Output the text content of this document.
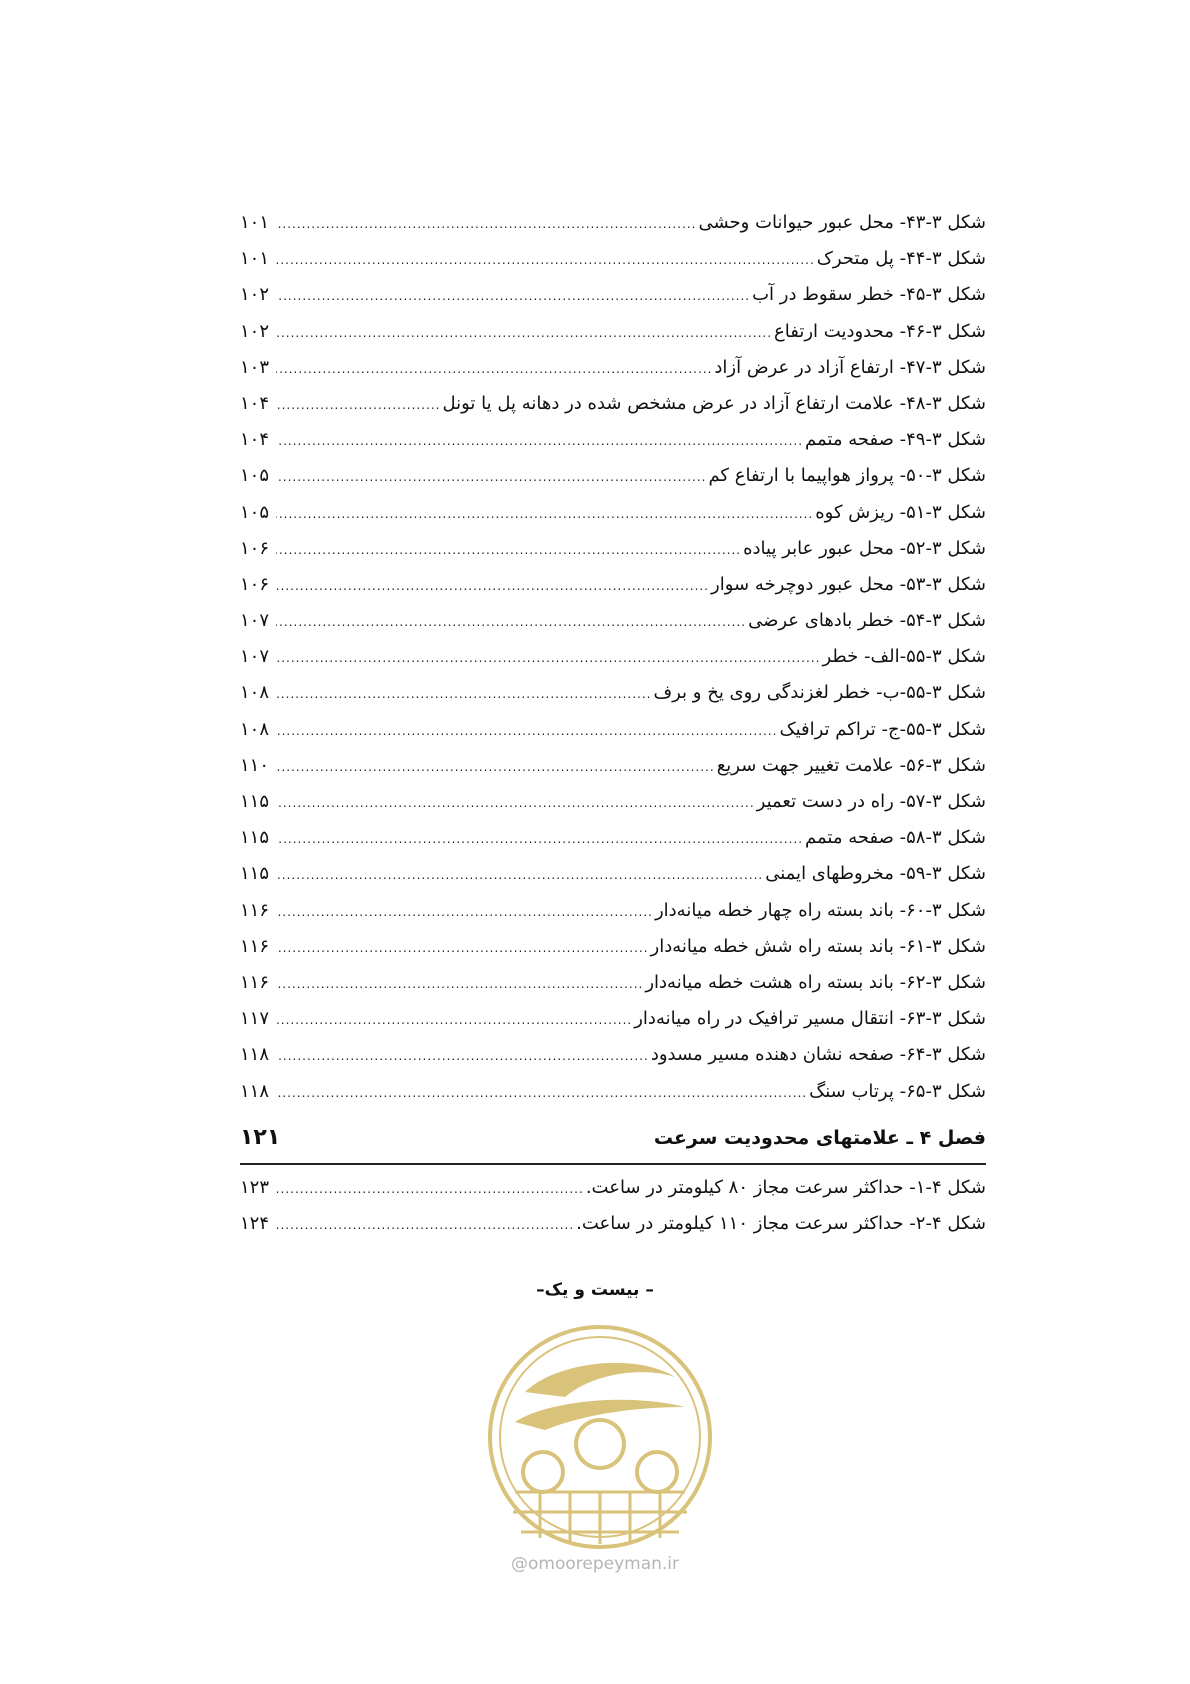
شکل ۳-۴۳- محل عبور حیوانات وحشی
.....
۱۰۱
شکل ۳-۴۴- پل متحرک
.....
۱۰۱
شکل ۳-۴۵- خطر سقوط در آب
.....
۱۰۲
شکل ۳-۴۶- محدودیت ارتفاع
.....
۱۰۲
شکل ۳-۴۷- ارتفاع آزاد در عرض آزاد
.....
۱۰۳
شکل ۳-۴۸- علامت ارتفاع آزاد در عرض مشخص شده در دهانه پل یا تونل
.....
۱۰۴
شکل ۳-۴۹- صفحه متمم
.....
۱۰۴
شکل ۳-۵۰- پرواز هواپیما با ارتفاع کم
.....
۱۰۵
شکل ۳-۵۱- ریزش کوه
.....
۱۰۵
شکل ۳-۵۲- محل عبور عابر پیاده
.....
۱۰۶
شکل ۳-۵۳- محل عبور دوچرخه سوار
.....
۱۰۶
شکل ۳-۵۴- خطر بادهای عرضی
.....
۱۰۷
شکل ۳-۵۵-الف- خطر
.....
۱۰۷
شکل ۳-۵۵-ب- خطر لغزندگی روی یخ و برف
.....
۱۰۸
شکل ۳-۵۵-ج- تراکم ترافیک
.....
۱۰۸
شکل ۳-۵۶- علامت تغییر جهت سریع
.....
۱۱۰
شکل ۳-۵۷- راه در دست تعمیر
.....
۱۱۵
شکل ۳-۵۸- صفحه متمم
.....
۱۱۵
شکل ۳-۵۹- مخروطهای ایمنی
.....
۱۱۵
شکل ۳-۶۰- باند بسته راه چهار خطه میانه‌دار
.....
۱۱۶
شکل ۳-۶۱- باند بسته راه شش خطه میانه‌دار
.....
۱۱۶
شکل ۳-۶۲- باند بسته راه هشت خطه میانه‌دار
.....
۱۱۶
شکل ۳-۶۳- انتقال مسیر ترافیک در راه میانه‌دار
.....
۱۱۷
شکل ۳-۶۴- صفحه نشان دهنده مسیر مسدود
.....
۱۱۸
شکل ۳-۶۵- پرتاب سنگ
.....
۱۱۸
فصل ۴ ـ علامتهای محدودیت سرعت
۱۲۱
شکل ۴-۱- حداکثر سرعت مجاز ۸۰ کیلومتر در ساعت.
.....
۱۲۳
شکل ۴-۲- حداکثر سرعت مجاز ۱۱۰ کیلومتر در ساعت.
.....
۱۲۴
– بیست و یک–
@omoorepeyman.ir
